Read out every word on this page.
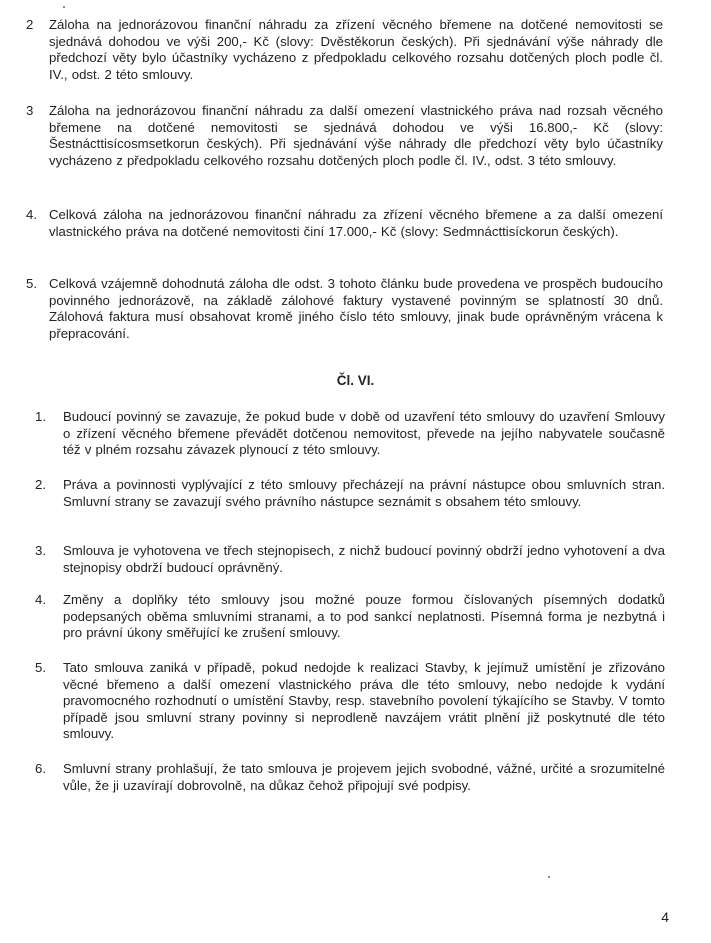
2 Záloha na jednorázovou finanční náhradu za zřízení věcného břemene na dotčené nemovitosti se sjednává dohodou ve výši 200,- Kč (slovy: Dvěstěkorun českých). Při sjednávání výše náhrady dle předchozí věty bylo účastníky vycházeno z předpokladu celkového rozsahu dotčených ploch podle čl. IV., odst. 2 této smlouvy.
3 Záloha na jednorázovou finanční náhradu za další omezení vlastnického práva nad rozsah věcného břemene na dotčené nemovitosti se sjednává dohodou ve výši 16.800,- Kč (slovy: Šestnácttisícosmsetkorun českých). Při sjednávání výše náhrady dle předchozí věty bylo účastníky vycházeno z předpokladu celkového rozsahu dotčených ploch podle čl. IV., odst. 3 této smlouvy.
4. Celková záloha na jednorázovou finanční náhradu za zřízení věcného břemene a za další omezení vlastnického práva na dotčené nemovitosti činí 17.000,- Kč (slovy: Sedmnácttisíckorun českých).
5. Celková vzájemně dohodnutá záloha dle odst. 3 tohoto článku bude provedena ve prospěch budoucího povinného jednorázově, na základě zálohové faktury vystavené povinným se splatností 30 dnů. Zálohová faktura musí obsahovat kromě jiného číslo této smlouvy, jinak bude oprávněným vrácena k přepracování.
Čl. VI.
1. Budoucí povinný se zavazuje, že pokud bude v době od uzavření této smlouvy do uzavření Smlouvy o zřízení věcného břemene převádět dotčenou nemovitost, převede na jejího nabyvatele současně též v plném rozsahu závazek plynoucí z této smlouvy.
2. Práva a povinnosti vyplývající z této smlouvy přecházejí na právní nástupce obou smluvních stran. Smluvní strany se zavazují svého právního nástupce seznámit s obsahem této smlouvy.
3. Smlouva je vyhotovena ve třech stejnopisech, z nichž budoucí povinný obdrží jedno vyhotovení a dva stejnopisy obdrží budoucí oprávněný.
4. Změny a doplňky této smlouvy jsou možné pouze formou číslovaných písemných dodatků podepsaných oběma smluvními stranami, a to pod sankcí neplatnosti. Písemná forma je nezbytná i pro právní úkony směřující ke zrušení smlouvy.
5. Tato smlouva zaniká v případě, pokud nedojde k realizaci Stavby, k jejímuž umístění je zřizováno věcné břemeno a další omezení vlastnického práva dle této smlouvy, nebo nedojde k vydání pravomocného rozhodnutí o umístění Stavby, resp. stavebního povolení týkajícího se Stavby. V tomto případě jsou smluvní strany povinny si neprodleně navzájem vrátit plnění již poskytnuté dle této smlouvy.
6. Smluvní strany prohlašují, že tato smlouva je projevem jejich svobodné, vážné, určité a srozumitelné vůle, že ji uzavírají dobrovolně, na důkaz čehož připojují své podpisy.
4
